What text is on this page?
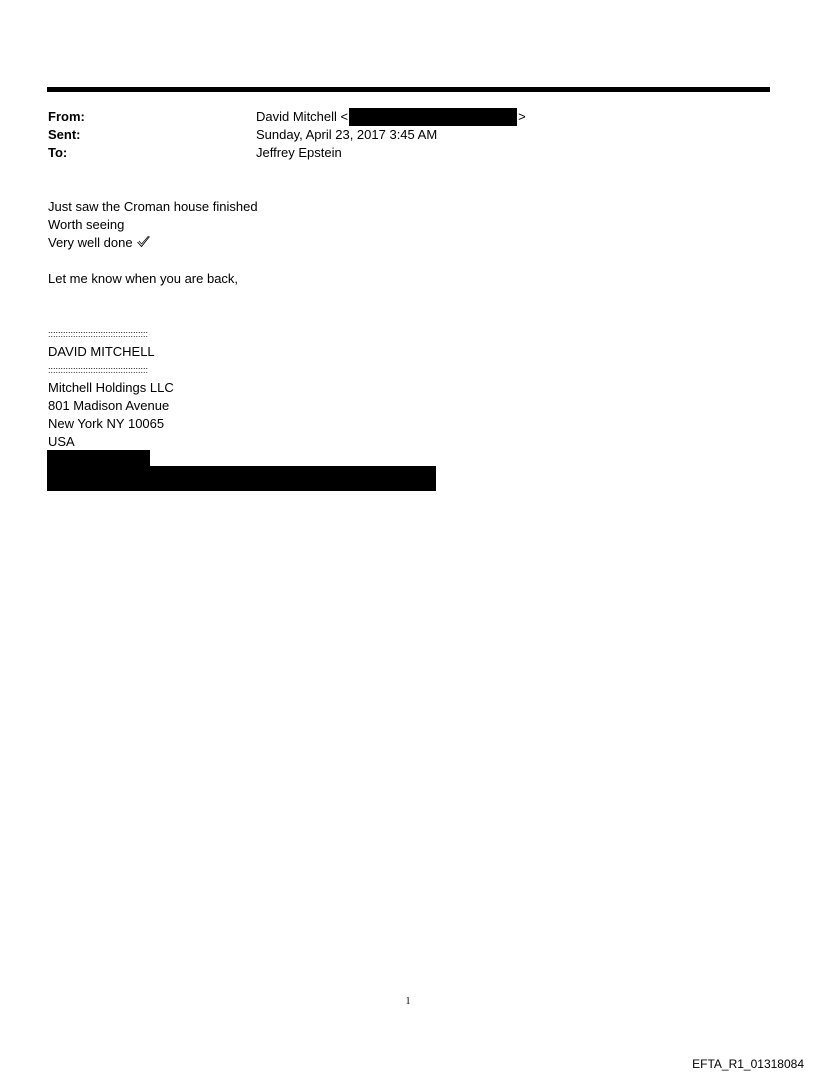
From:	David Mitchell <	>
Sent:	Sunday, April 23, 2017 3:45 AM
To:	Jeffrey Epstein
Just saw the Croman house finished
Worth seeing
Very well done
Let me know when you are back,
::::::::::::::::::::::::::::::::::::::::
DAVID MITCHELL
::::::::::::::::::::::::::::::::::::::::
Mitchell Holdings LLC
801 Madison Avenue
New York NY 10065
USA
1
EFTA_R1_01318084
